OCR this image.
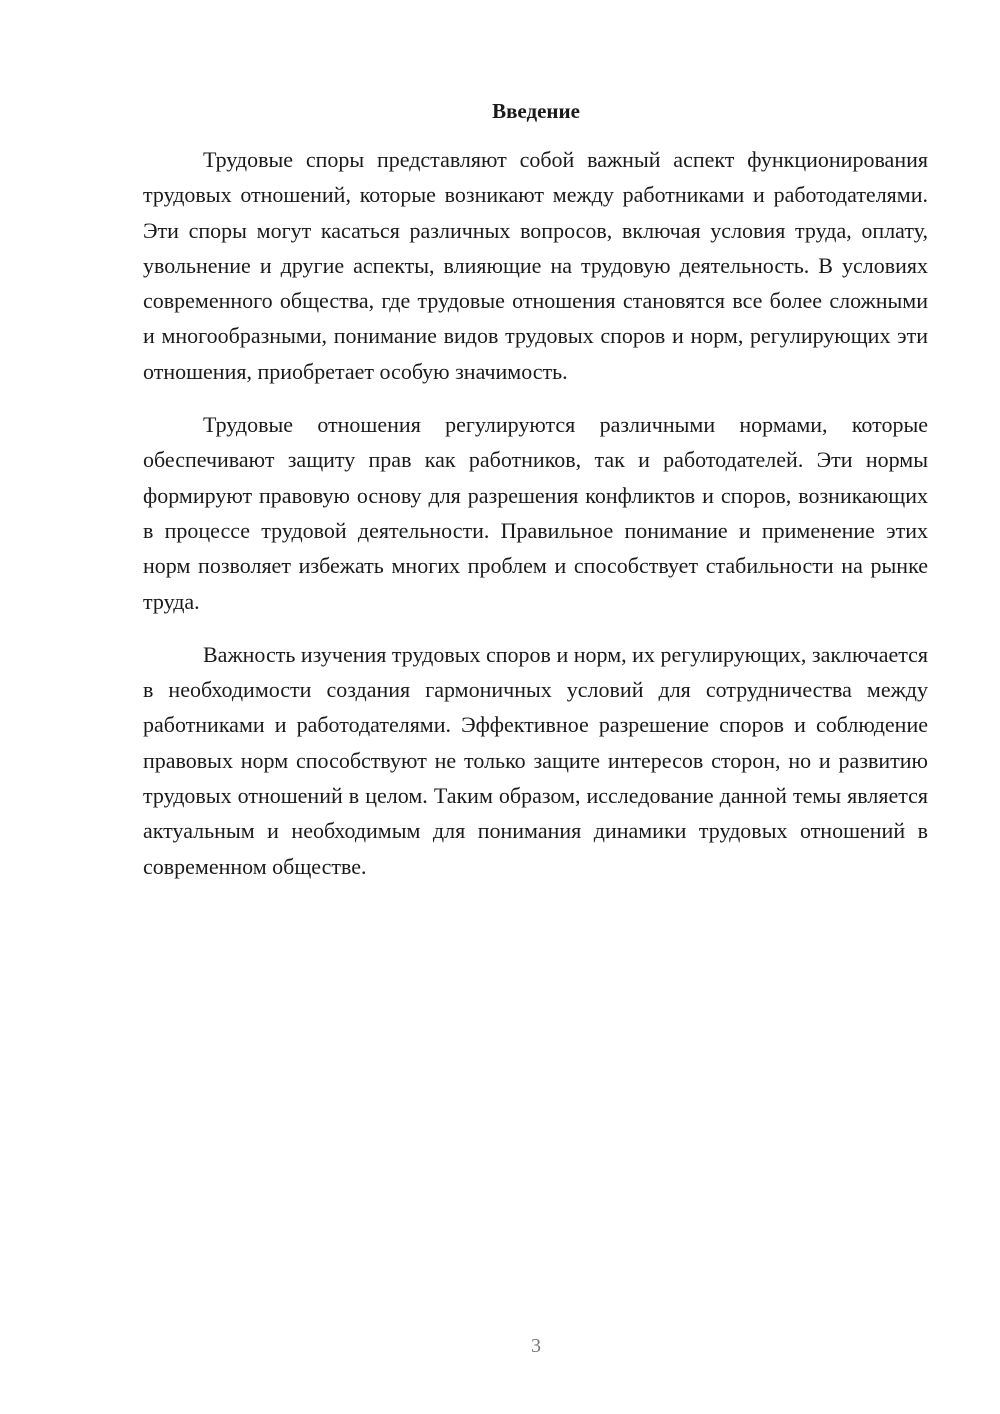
Введение

Трудовые споры представляют собой важный аспект функционирования трудовых отношений, которые возникают между работниками и работодателями. Эти споры могут касаться различных вопросов, включая условия труда, оплату, увольнение и другие аспекты, влияющие на трудовую деятельность. В условиях современного общества, где трудовые отношения становятся все более сложными и многообразными, понимание видов трудовых споров и норм, регулирующих эти отношения, приобретает особую значимость.

Трудовые отношения регулируются различными нормами, которые обеспечивают защиту прав как работников, так и работодателей. Эти нормы формируют правовую основу для разрешения конфликтов и споров, возникающих в процессе трудовой деятельности. Правильное понимание и применение этих норм позволяет избежать многих проблем и способствует стабильности на рынке труда.

Важность изучения трудовых споров и норм, их регулирующих, заключается в необходимости создания гармоничных условий для сотрудничества между работниками и работодателями. Эффективное разрешение споров и соблюдение правовых норм способствуют не только защите интересов сторон, но и развитию трудовых отношений в целом. Таким образом, исследование данной темы является актуальным и необходимым для понимания динамики трудовых отношений в современном обществе.

3
